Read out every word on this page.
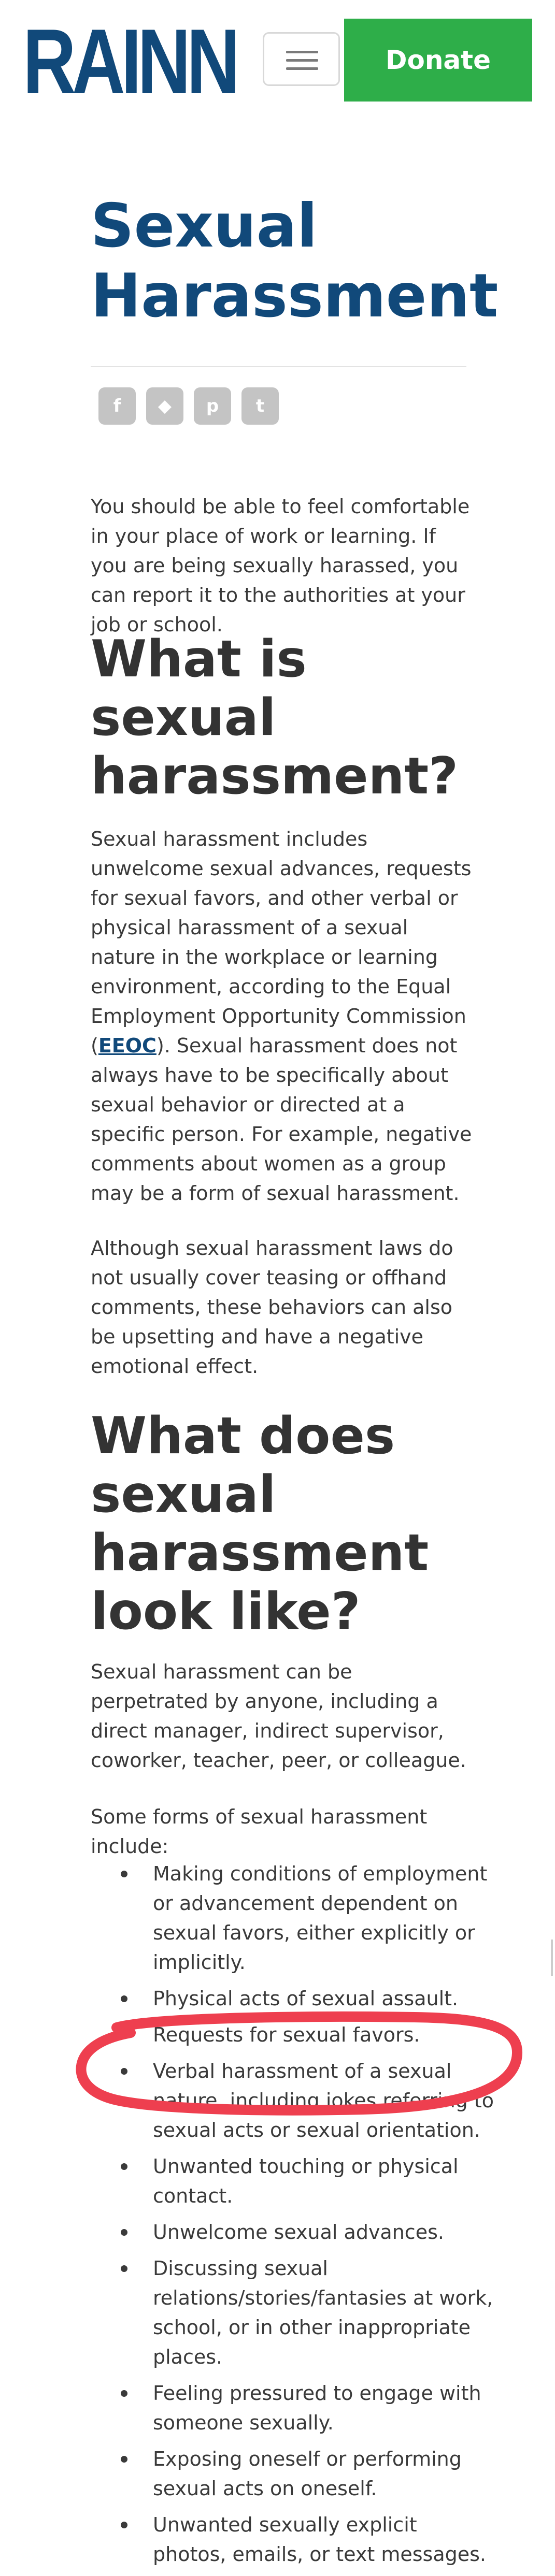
RAINN	Donate
Sexual Harassment
f	◆	p	t

You should be able to feel comfortable in your place of work or learning. If you are being sexually harassed, you can report it to the authorities at your job or school.

What is sexual harassment?

Sexual harassment includes unwelcome sexual advances, requests for sexual favors, and other verbal or physical harassment of a sexual nature in the workplace or learning environment, according to the Equal Employment Opportunity Commission (EEOC). Sexual harassment does not always have to be specifically about sexual behavior or directed at a specific person. For example, negative comments about women as a group may be a form of sexual harassment.

Although sexual harassment laws do not usually cover teasing or offhand comments, these behaviors can also be upsetting and have a negative emotional effect.

What does sexual harassment look like?

Sexual harassment can be perpetrated by anyone, including a direct manager, indirect supervisor, coworker, teacher, peer, or colleague.

Some forms of sexual harassment include:

Making conditions of employment or advancement dependent on sexual favors, either explicitly or implicitly.
Physical acts of sexual assault.
Requests for sexual favors.
Verbal harassment of a sexual nature, including jokes referring to sexual acts or sexual orientation.
Unwanted touching or physical contact.
Unwelcome sexual advances.
Discussing sexual relations/stories/fantasies at work, school, or in other inappropriate places.
Feeling pressured to engage with someone sexually.
Exposing oneself or performing sexual acts on oneself.
Unwanted sexually explicit photos, emails, or text messages.
